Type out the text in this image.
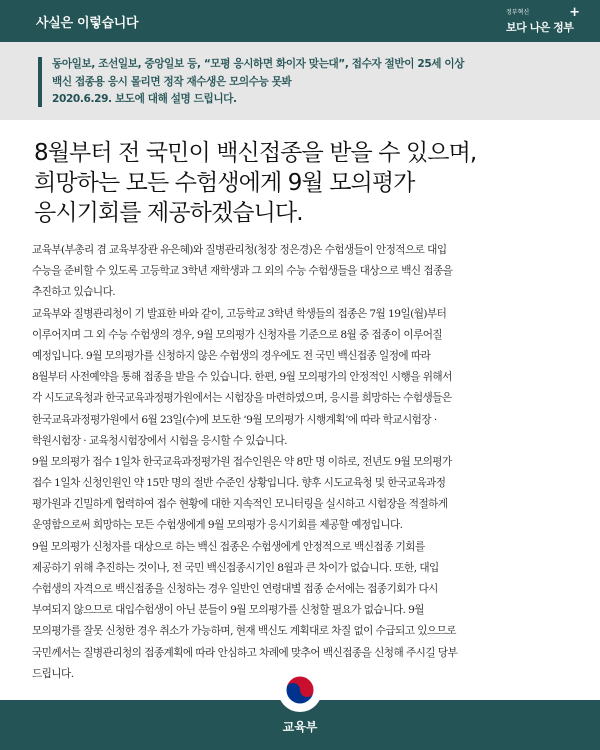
사실은 이렇습니다
정부혁신
보다 나은 정부
+
동아일보, 조선일보, 중앙일보 등, “모평 응시하면 화이자 맞는대”, 접수자 절반이 25세 이상
백신 접종용 응시 몰리면 정작 재수생은 모의수능 못봐
2020.6.29. 보도에 대해 설명 드립니다.
8월부터 전 국민이 백신접종을 받을 수 있으며,
희망하는 모든 수험생에게 9월 모의평가
응시기회를 제공하겠습니다.
교육부(부총리 겸 교육부장관 유은혜)와 질병관리청(청장 정은경)은 수험생들이 안정적으로 대입
수능을 준비할 수 있도록 고등학교 3학년 재학생과 그 외의 수능 수험생들을 대상으로 백신 접종을
추진하고 있습니다.
교육부와 질병관리청이 기 발표한 바와 같이, 고등학교 3학년 학생들의 접종은 7월 19일(월)부터
이루어지며 그 외 수능 수험생의 경우, 9월 모의평가 신청자를 기준으로 8월 중 접종이 이루어질
예정입니다. 9월 모의평가를 신청하지 않은 수험생의 경우에도 전 국민 백신접종 일정에 따라
8월부터 사전예약을 통해 접종을 받을 수 있습니다. 한편, 9월 모의평가의 안정적인 시행을 위해서
각 시도교육청과 한국교육과정평가원에서는 시험장을 마련하였으며, 응시를 희망하는 수험생들은
한국교육과정평가원에서 6월 23일(수)에 보도한 ‘9월 모의평가 시행계획’에 따라 학교시험장 ·
학원시험장 · 교육청시험장에서 시험을 응시할 수 있습니다.
9월 모의평가 접수 1일차 한국교육과정평가원 접수인원은 약 8만 명 이하로, 전년도 9월 모의평가
접수 1일차 신청인원인 약 15만 명의 절반 수준인 상황입니다. 향후 시도교육청 및 한국교육과정
평가원과 긴밀하게 협력하여 접수 현황에 대한 지속적인 모니터링을 실시하고 시험장을 적절하게
운영함으로써 희망하는 모든 수험생에게 9월 모의평가 응시기회를 제공할 예정입니다.
9월 모의평가 신청자를 대상으로 하는 백신 접종은 수험생에게 안정적으로 백신접종 기회를
제공하기 위해 추진하는 것이나, 전 국민 백신접종시기인 8월과 큰 차이가 없습니다. 또한, 대입
수험생의 자격으로 백신접종을 신청하는 경우 일반인 연령대별 접종 순서에는 접종기회가 다시
부여되지 않으므로 대입수험생이 아닌 분들이 9월 모의평가를 신청할 필요가 없습니다. 9월
모의평가를 잘못 신청한 경우 취소가 가능하며, 현재 백신도 계획대로 차질 없이 수급되고 있으므로
국민께서는 질병관리청의 접종계획에 따라 안심하고 차례에 맞추어 백신접종을 신청해 주시길 당부
드립니다.
교육부
